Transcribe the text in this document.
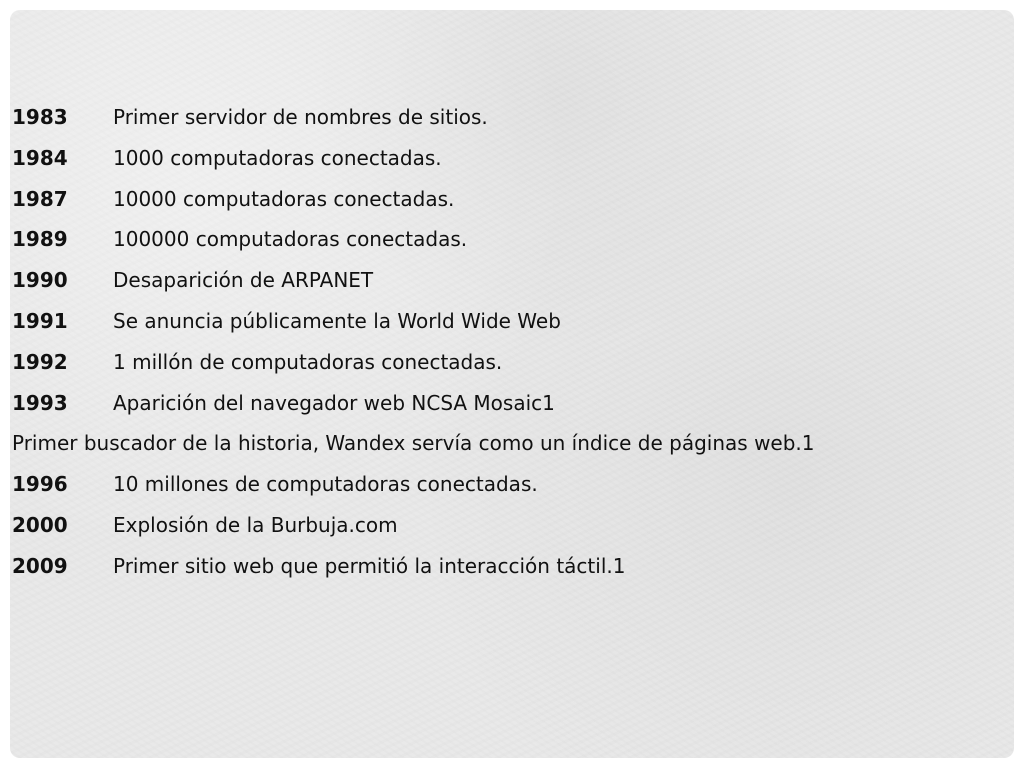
1983 Primer servidor de nombres de sitios.
1984 1000 computadoras conectadas.
1987 10000 computadoras conectadas.
1989 100000 computadoras conectadas.
1990 Desaparición de ARPANET
1991 Se anuncia públicamente la World Wide Web
1992 1 millón de computadoras conectadas.
1993 Aparición del navegador web NCSA Mosaic1
Primer buscador de la historia, Wandex servía como un índice de páginas web.1
1996 10 millones de computadoras conectadas.
2000 Explosión de la Burbuja.com
2009 Primer sitio web que permitió la interacción táctil.1
